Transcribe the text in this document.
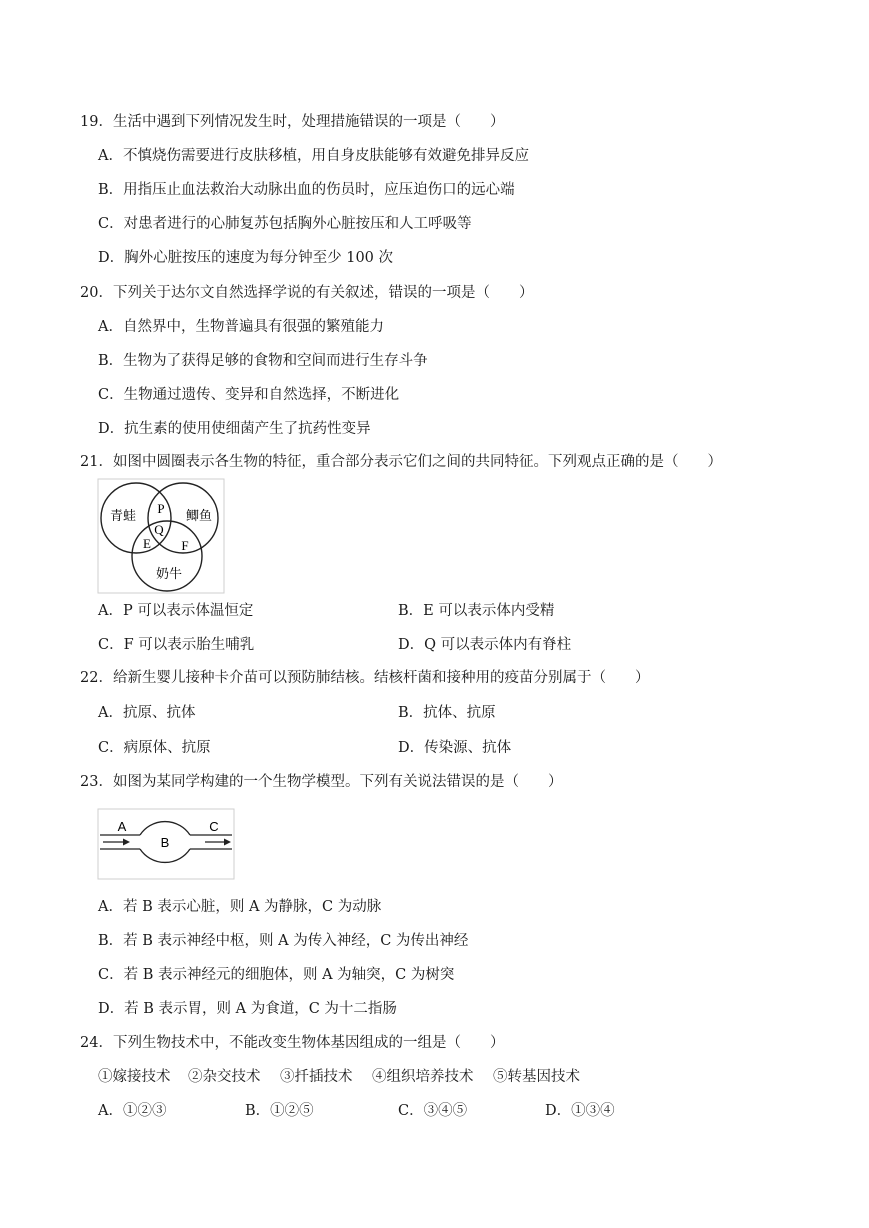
19．生活中遇到下列情况发生时，处理措施错误的一项是（　　）
A．不慎烧伤需要进行皮肤移植，用自身皮肤能够有效避免排异反应
B．用指压止血法救治大动脉出血的伤员时，应压迫伤口的远心端
C．对患者进行的心肺复苏包括胸外心脏按压和人工呼吸等
D．胸外心脏按压的速度为每分钟至少 100 次
20．下列关于达尔文自然选择学说的有关叙述，错误的一项是（　　）
A．自然界中，生物普遍具有很强的繁殖能力
B．生物为了获得足够的食物和空间而进行生存斗争
C．生物通过遗传、变异和自然选择，不断进化
D．抗生素的使用使细菌产生了抗药性变异
21．如图中圆圈表示各生物的特征，重合部分表示它们之间的共同特征。下列观点正确的是（　　）
青蛙	鲫鱼
奶牛
P
Q
E F
A．P 可以表示体温恒定	B．E 可以表示体内受精
C．F 可以表示胎生哺乳	D．Q 可以表示体内有脊柱
22．给新生婴儿接种卡介苗可以预防肺结核。结核杆菌和接种用的疫苗分别属于（　　）
A．抗原、抗体	B．抗体、抗原
C．病原体、抗原	D．传染源、抗体
23．如图为某同学构建的一个生物学模型。下列有关说法错误的是（　　）
A
B
C
A．若 B 表示心脏，则 A 为静脉，C 为动脉
B．若 B 表示神经中枢，则 A 为传入神经，C 为传出神经
C．若 B 表示神经元的细胞体，则 A 为轴突，C 为树突
D．若 B 表示胃，则 A 为食道，C 为十二指肠
24．下列生物技术中，不能改变生物体基因组成的一组是（　　）
①嫁接技术 ②杂交技术 ③扦插技术 ④组织培养技术 ⑤转基因技术
A．①②③	B．①②⑤	C．③④⑤	D．①③④
